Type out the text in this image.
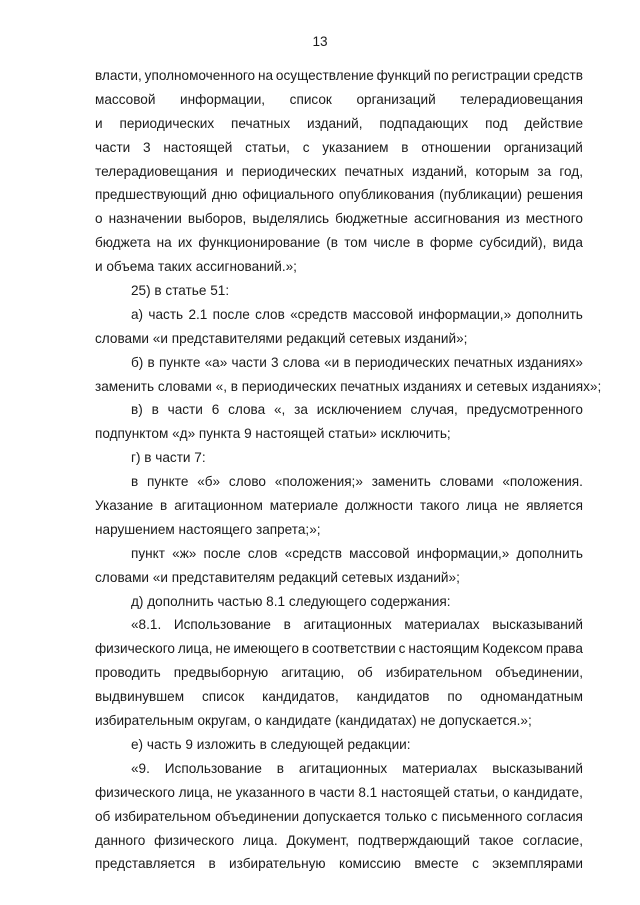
13
власти, уполномоченного на осуществление функций по регистрации средств
массовой информации, список организаций телерадиовещания
и периодических печатных изданий, подпадающих под действие
части 3 настоящей статьи, с указанием в отношении организаций
телерадиовещания и периодических печатных изданий, которым за год,
предшествующий дню официального опубликования (публикации) решения
о назначении выборов, выделялись бюджетные ассигнования из местного
бюджета на их функционирование (в том числе в форме субсидий), вида
и объема таких ассигнований.»;
25) в статье 51:
а) часть 2.1 после слов «средств массовой информации,» дополнить
словами «и представителями редакций сетевых изданий»;
б) в пункте «а» части 3 слова «и в периодических печатных изданиях»
заменить словами «, в периодических печатных изданиях и сетевых изданиях»;
в) в части 6 слова «, за исключением случая, предусмотренного
подпунктом «д» пункта 9 настоящей статьи» исключить;
г) в части 7:
в пункте «б» слово «положения;» заменить словами «положения.
Указание в агитационном материале должности такого лица не является
нарушением настоящего запрета;»;
пункт «ж» после слов «средств массовой информации,» дополнить
словами «и представителям редакций сетевых изданий»;
д) дополнить частью 8.1 следующего содержания:
«8.1. Использование в агитационных материалах высказываний
физического лица, не имеющего в соответствии с настоящим Кодексом права
проводить предвыборную агитацию, об избирательном объединении,
выдвинувшем список кандидатов, кандидатов по одномандатным
избирательным округам, о кандидате (кандидатах) не допускается.»;
е) часть 9 изложить в следующей редакции:
«9. Использование в агитационных материалах высказываний
физического лица, не указанного в части 8.1 настоящей статьи, о кандидате,
об избирательном объединении допускается только с письменного согласия
данного физического лица. Документ, подтверждающий такое согласие,
представляется в избирательную комиссию вместе с экземплярами
